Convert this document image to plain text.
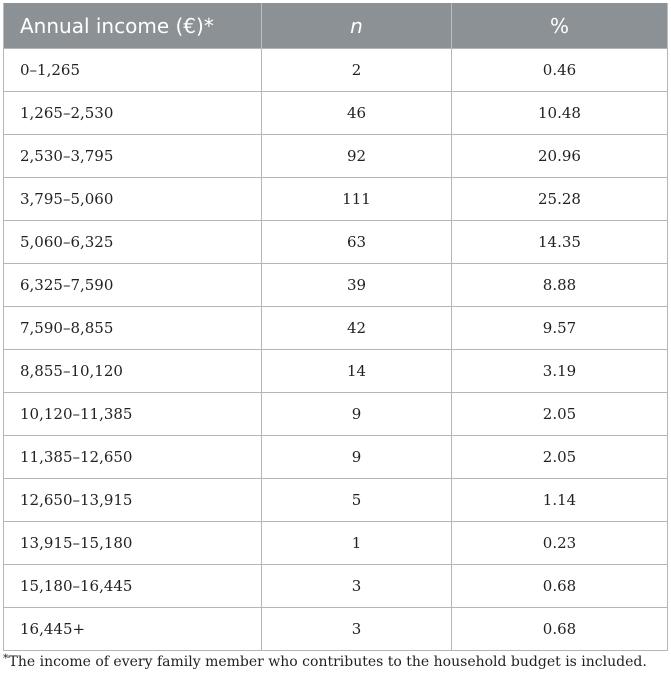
Annual income (€)*	n	%
0–1,265	2	0.46
1,265–2,530	46	10.48
2,530–3,795	92	20.96
3,795–5,060	111	25.28
5,060–6,325	63	14.35
6,325–7,590	39	8.88
7,590–8,855	42	9.57
8,855–10,120	14	3.19
10,120–11,385	9	2.05
11,385–12,650	9	2.05
12,650–13,915	5	1.14
13,915–15,180	1	0.23
15,180–16,445	3	0.68
16,445+	3	0.68
*The income of every family member who contributes to the household budget is included.
